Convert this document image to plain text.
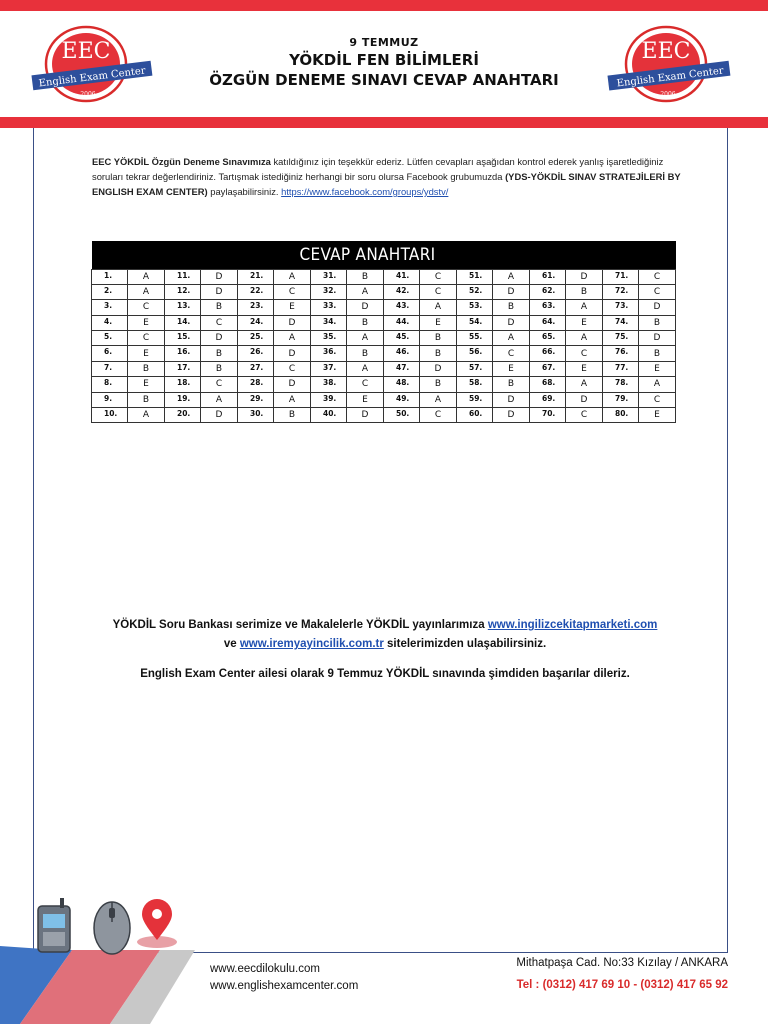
EEC
English Exam Center
2006
9 TEMMUZ
YÖKDİL FEN BİLİMLERİ
ÖZGÜN DENEME SINAVI CEVAP ANAHTARI
EEC
English Exam Center
2006
EEC YÖKDİL Özgün Deneme Sınavımıza katıldığınız için teşekkür ederiz. Lütfen cevapları aşağıdan kontrol ederek yanlış işaretlediğiniz soruları tekrar değerlendiriniz. Tartışmak istediğiniz herhangi bir soru olursa Facebook grubumuzda (YDS-YÖKDİL SINAV STRATEJİLERİ BY ENGLISH EXAM CENTER) paylaşabilirsiniz. https://www.facebook.com/groups/ydstv/
CEVAP ANAHTARI															
1.	A	11.	D	21.	A	31.	B	41.	C	51.	A	61.	D	71.	C
2.	A	12.	D	22.	C	32.	A	42.	C	52.	D	62.	B	72.	C
3.	C	13.	B	23.	E	33.	D	43.	A	53.	B	63.	A	73.	D
4.	E	14.	C	24.	D	34.	B	44.	E	54.	D	64.	E	74.	B
5.	C	15.	D	25.	A	35.	A	45.	B	55.	A	65.	A	75.	D
6.	E	16.	B	26.	D	36.	B	46.	B	56.	C	66.	C	76.	B
7.	B	17.	B	27.	C	37.	A	47.	D	57.	E	67.	E	77.	E
8.	E	18.	C	28.	D	38.	C	48.	B	58.	B	68.	A	78.	A
9.	B	19.	A	29.	A	39.	E	49.	A	59.	D	69.	D	79.	C
10.	A	20.	D	30.	B	40.	D	50.	C	60.	D	70.	C	80.	E
YÖKDİL Soru Bankası serimize ve Makalelerle YÖKDİL yayınlarımıza www.ingilizcekitapmarketi.com
ve www.iremyayincilik.com.tr sitelerimizden ulaşabilirsiniz.
English Exam Center ailesi olarak 9 Temmuz YÖKDİL sınavında şimdiden başarılar dileriz.
www.eecdilokulu.com
www.englishexamcenter.com
Mithatpaşa Cad. No:33 Kızılay / ANKARA
Tel : (0312) 417 69 10 - (0312) 417 65 92
